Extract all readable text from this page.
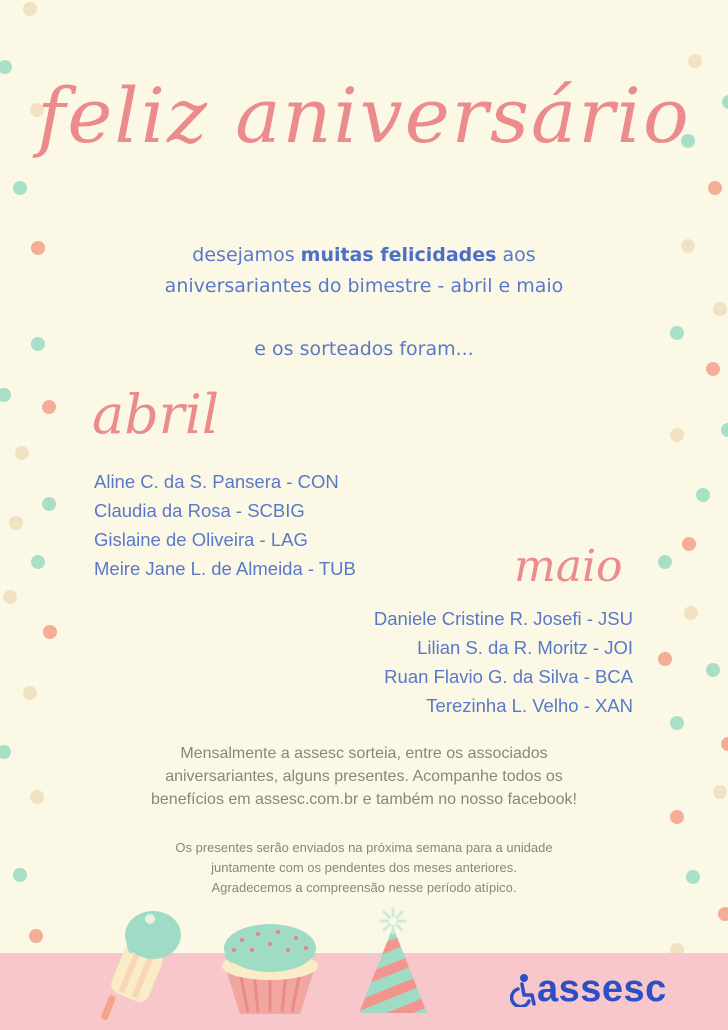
feliz aniversário
desejamos muitas felicidades aos
aniversariantes do bimestre - abril e maio
e os sorteados foram...
abril
Aline C. da S. Pansera - CON
Claudia da Rosa - SCBIG
Gislaine de Oliveira - LAG
Meire Jane L. de Almeida - TUB	maio
Daniele Cristine R. Josefi - JSU
Lilian S. da R. Moritz - JOI
Ruan Flavio G. da Silva - BCA
Terezinha L. Velho - XAN
Mensalmente a assesc sorteia, entre os associados
aniversariantes, alguns presentes. Acompanhe todos os
benefícios em assesc.com.br e também no nosso facebook!
Os presentes serão enviados na próxima semana para a unidade
juntamente com os pendentes dos meses anteriores.
Agradecemos a compreensão nesse período atípico.
assesc
